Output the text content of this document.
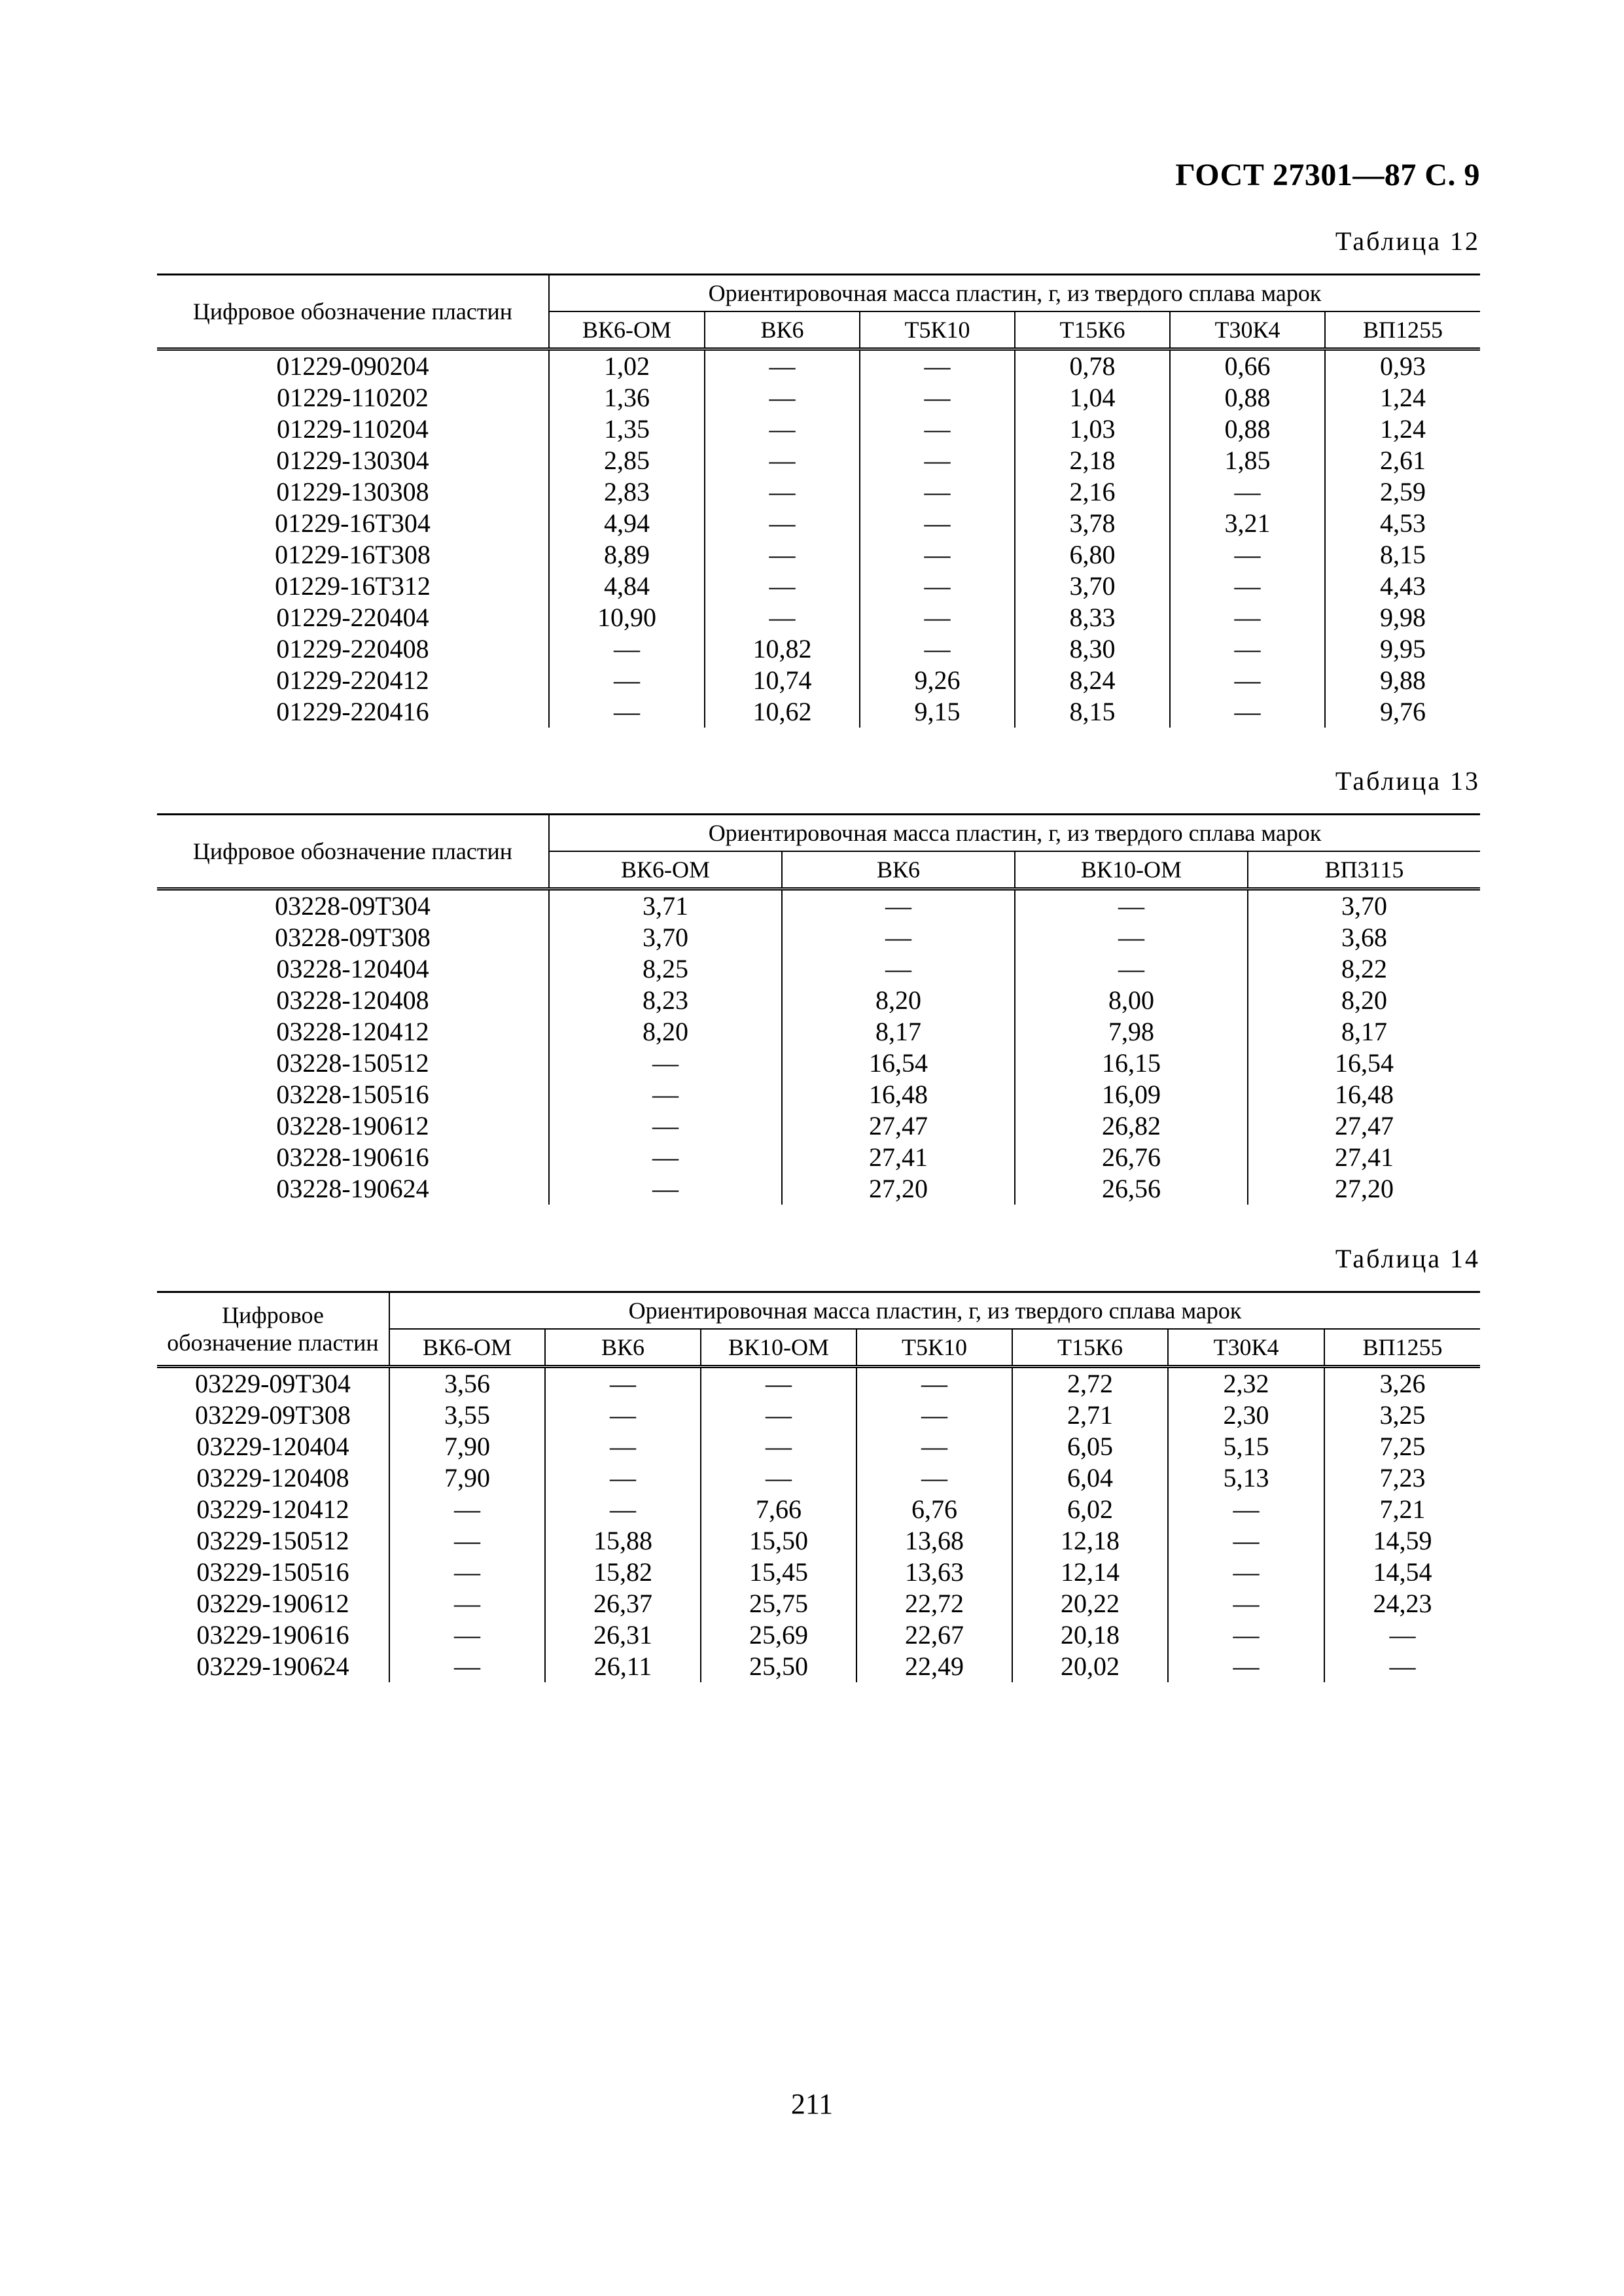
ГОСТ 27301—87 С. 9
Таблица 12
Цифровое обозначение пластин	Ориентировочная масса пластин, г, из твердого сплава марок					
	ВК6-ОМ	ВК6	Т5К10	Т15К6	Т30К4	ВП1255
01229-090204	1,02	—	—	0,78	0,66	0,93
01229-110202	1,36	—	—	1,04	0,88	1,24
01229-110204	1,35	—	—	1,03	0,88	1,24
01229-130304	2,85	—	—	2,18	1,85	2,61
01229-130308	2,83	—	—	2,16	—	2,59
01229-16Т304	4,94	—	—	3,78	3,21	4,53
01229-16Т308	8,89	—	—	6,80	—	8,15
01229-16Т312	4,84	—	—	3,70	—	4,43
01229-220404	10,90	—	—	8,33	—	9,98
01229-220408	—	10,82	—	8,30	—	9,95
01229-220412	—	10,74	9,26	8,24	—	9,88
01229-220416	—	10,62	9,15	8,15	—	9,76
Таблица 13
Цифровое обозначение пластин	Ориентировочная масса пластин, г, из твердого сплава марок			
	ВК6-ОМ	ВК6	ВК10-ОМ	ВП3115
03228-09Т304	3,71	—	—	3,70
03228-09Т308	3,70	—	—	3,68
03228-120404	8,25	—	—	8,22
03228-120408	8,23	8,20	8,00	8,20
03228-120412	8,20	8,17	7,98	8,17
03228-150512	—	16,54	16,15	16,54
03228-150516	—	16,48	16,09	16,48
03228-190612	—	27,47	26,82	27,47
03228-190616	—	27,41	26,76	27,41
03228-190624	—	27,20	26,56	27,20
Таблица 14
Цифровое обозначение пластин	Ориентировочная масса пластин, г, из твердого сплава марок						
	ВК6-ОМ	ВК6	ВК10-ОМ	Т5К10	Т15К6	Т30К4	ВП1255
03229-09Т304	3,56	—	—	—	2,72	2,32	3,26
03229-09Т308	3,55	—	—	—	2,71	2,30	3,25
03229-120404	7,90	—	—	—	6,05	5,15	7,25
03229-120408	7,90	—	—	—	6,04	5,13	7,23
03229-120412	—	—	7,66	6,76	6,02	—	7,21
03229-150512	—	15,88	15,50	13,68	12,18	—	14,59
03229-150516	—	15,82	15,45	13,63	12,14	—	14,54
03229-190612	—	26,37	25,75	22,72	20,22	—	24,23
03229-190616	—	26,31	25,69	22,67	20,18	—	—
03229-190624	—	26,11	25,50	22,49	20,02	—	—
211
